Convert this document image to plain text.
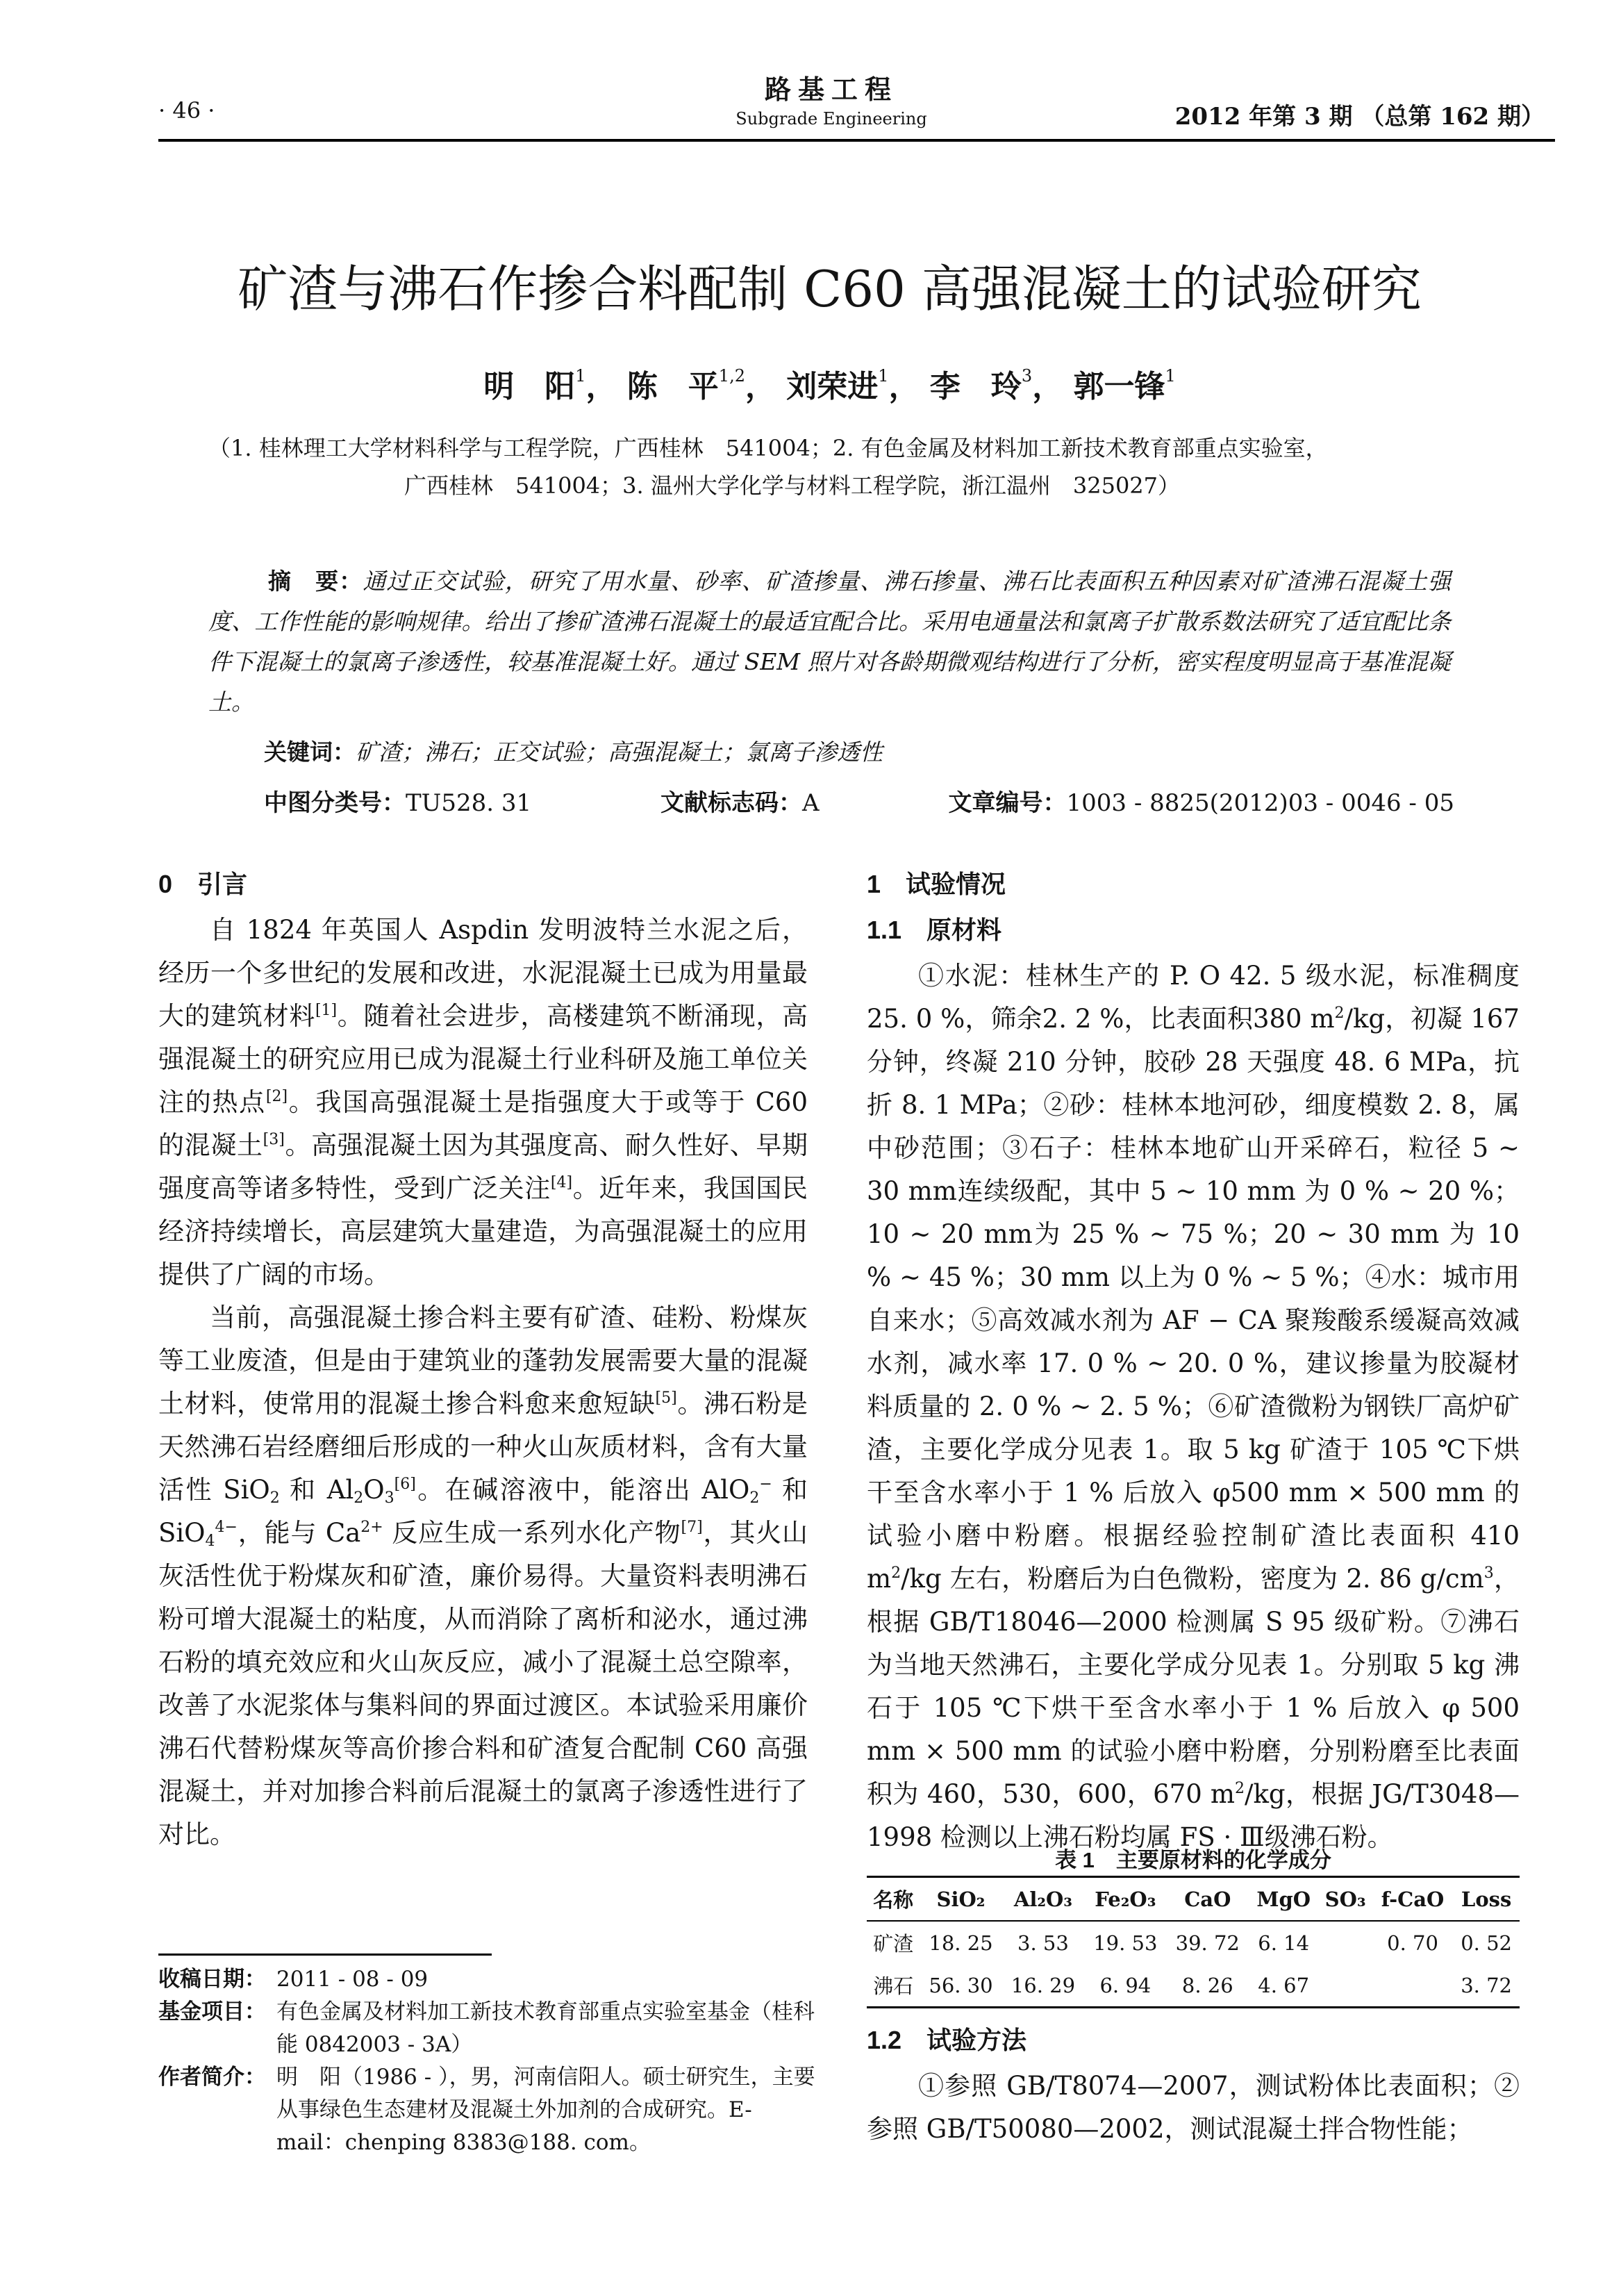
· 46 ·
路基工程
Subgrade Engineering	2012 年第 3 期 （总第 162 期）
矿渣与沸石作掺合料配制 C60 高强混凝土的试验研究
明　阳$^1$， 陈　平$^{1,2}$， 刘荣进$^1$， 李　玲$^3$， 郭一锋$^1$
（1. 桂林理工大学材料科学与工程学院，广西桂林　541004；2. 有色金属及材料加工新技术教育部重点实验室，
广西桂林　541004；3. 温州大学化学与材料工程学院，浙江温州　325027）
摘　要：通过正交试验，研究了用水量、砂率、矿渣掺量、沸石掺量、沸石比表面积五种因素对矿渣沸石混凝土强度、工作性能的影响规律。给出了掺矿渣沸石混凝土的最适宜配合比。采用电通量法和氯离子扩散系数法研究了适宜配比条件下混凝土的氯离子渗透性，较基准混凝土好。通过 SEM 照片对各龄期微观结构进行了分析，密实程度明显高于基准混凝土。
关键词：矿渣；沸石；正交试验；高强混凝土；氯离子渗透性
中图分类号：TU528. 31	文献标志码：A	文章编号：1003 - 8825(2012)03 - 0046 - 05
0　引言

自 1824 年英国人 Aspdin 发明波特兰水泥之后，经历一个多世纪的发展和改进，水泥混凝土已成为用量最大的建筑材料[1]。随着社会进步，高楼建筑不断涌现，高强混凝土的研究应用已成为混凝土行业科研及施工单位关注的热点[2]。我国高强混凝土是指强度大于或等于 C60 的混凝土[3]。高强混凝土因为其强度高、耐久性好、早期强度高等诸多特性，受到广泛关注[4]。近年来，我国国民经济持续增长，高层建筑大量建造，为高强混凝土的应用提供了广阔的市场。

当前，高强混凝土掺合料主要有矿渣、硅粉、粉煤灰等工业废渣，但是由于建筑业的蓬勃发展需要大量的混凝土材料，使常用的混凝土掺合料愈来愈短缺[5]。沸石粉是天然沸石岩经磨细后形成的一种火山灰质材料，含有大量活性 SiO$_2$ 和 $Al_2O_3[6]$。在碱溶液中，能溶出 AlO$_2$− 和 SiO$_4^{4-}$，能与 $Ca^{2+}$ 反应生成一系列水化产物[7]，其火山灰活性优于粉煤灰和矿渣，廉价易得。大量资料表明沸石粉可增大混凝土的粘度，从而消除了离析和泌水，通过沸石粉的填充效应和火山灰反应，减小了混凝土总空隙率，改善了水泥浆体与集料间的界面过渡区。本试验采用廉价沸石代替粉煤灰等高价掺合料和矿渣复合配制 C60 高强混凝土，并对加掺合料前后混凝土的氯离子渗透性进行了对比。

收稿日期： 2011 - 08 - 09
基金项目： 有色金属及材料加工新技术教育部重点实验室基金（桂科能 0842003 - 3A）
作者简介： 明　阳（1986 - ），男，河南信阳人。硕士研究生，主要从事绿色生态建材及混凝土外加剂的合成研究。E-mail：chenping 8383@188. com。
1　试验情况
1.1　原材料

①水泥：桂林生产的 P. O 42. 5 级水泥，标准稠度25. 0 %，筛余2. 2 %，比表面积380 $m^2/kg$，初凝 167 分钟，终凝 210 分钟，胶砂 28 天强度 48. 6 MPa，抗折 8. 1 MPa；②砂：桂林本地河砂，细度模数 2. 8，属中砂范围；③石子：桂林本地矿山开采碎石，粒径 5 ~ 30 mm连续级配，其中 5 ~ 10 mm 为 0 % ~ 20 %；10 ~ 20 mm为 25 % ~ 75 %；20 ~ 30 mm 为 10 % ~ 45 %；30 mm 以上为 0 % ~ 5 %；④水：城市用自来水；⑤高效减水剂为 AF − CA 聚羧酸系缓凝高效减水剂，减水率 17. 0 % ~ 20. 0 %，建议掺量为胶凝材料质量的 2. 0 % ~ 2. 5 %；⑥矿渣微粉为钢铁厂高炉矿渣，主要化学成分见表 1。取 5 kg 矿渣于 105 ℃下烘干至含水率小于 1 % 后放入 φ500 mm × 500 mm 的试验小磨中粉磨。根据经验控制矿渣比表面积 410 $m^2/kg$ 左右，粉磨后为白色微粉，密度为 2. 86 $g/cm^3$，根据 GB/T18046—2000 检测属 S 95 级矿粉。⑦沸石为当地天然沸石，主要化学成分见表 1。分别取 5 kg 沸石于 105 ℃下烘干至含水率小于 1 % 后放入 φ 500 mm × 500 mm 的试验小磨中粉磨，分别粉磨至比表面积为 460，530，600，670 $m^2/kg$，根据 JG/T3048—1998 检测以上沸石粉均属 FS · Ⅲ级沸石粉。

表 1　主要原材料的化学成分
名称	SiO₂	Al₂O₃	Fe₂O₃	CaO	MgO	SO₃	f-CaO	Loss
矿渣	18. 25	3. 53	19. 53	39. 72	6. 14		0. 70	0. 52
沸石	56. 30	16. 29	6. 94	8. 26	4. 67			3. 72
1.2　试验方法

①参照 GB/T8074—2007，测试粉体比表面积；②参照 GB/T50080—2002，测试混凝土拌合物性能；
